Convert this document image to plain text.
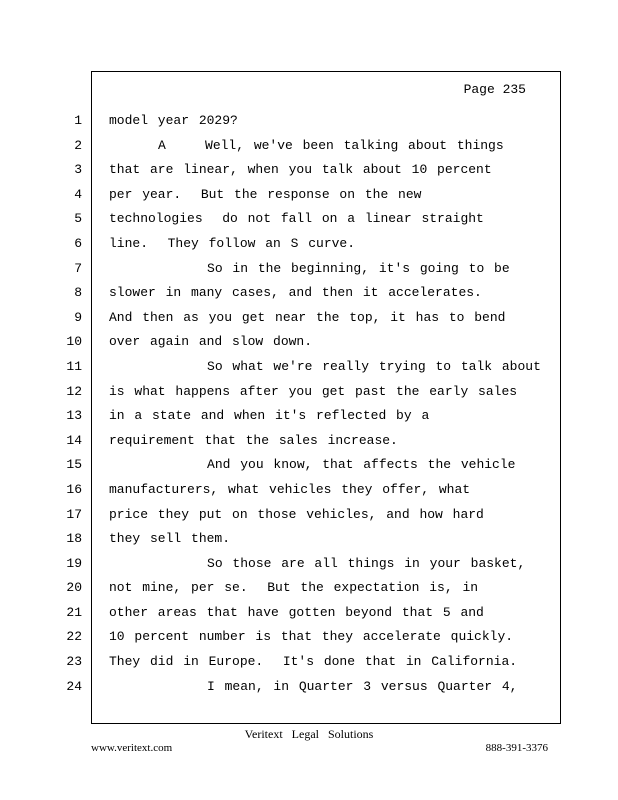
Page 235
1 model year 2029?
2 A    Well, we've been talking about things
3 that are linear, when you talk about 10 percent
4 per year.  But the response on the new
5 technologies  do not fall on a linear straight
6 line.  They follow an S curve.
7 So in the beginning, it's going to be
8 slower in many cases, and then it accelerates.
9 And then as you get near the top, it has to bend
10 over again and slow down.
11 So what we're really trying to talk about
12 is what happens after you get past the early sales
13 in a state and when it's reflected by a
14 requirement that the sales increase.
15 And you know, that affects the vehicle
16 manufacturers, what vehicles they offer, what
17 price they put on those vehicles, and how hard
18 they sell them.
19 So those are all things in your basket,
20 not mine, per se.  But the expectation is, in
21 other areas that have gotten beyond that 5 and
22 10 percent number is that they accelerate quickly.
23 They did in Europe.  It's done that in California.
24 I mean, in Quarter 3 versus Quarter 4,
Veritext Legal Solutions
www.veritext.com	888-391-3376
